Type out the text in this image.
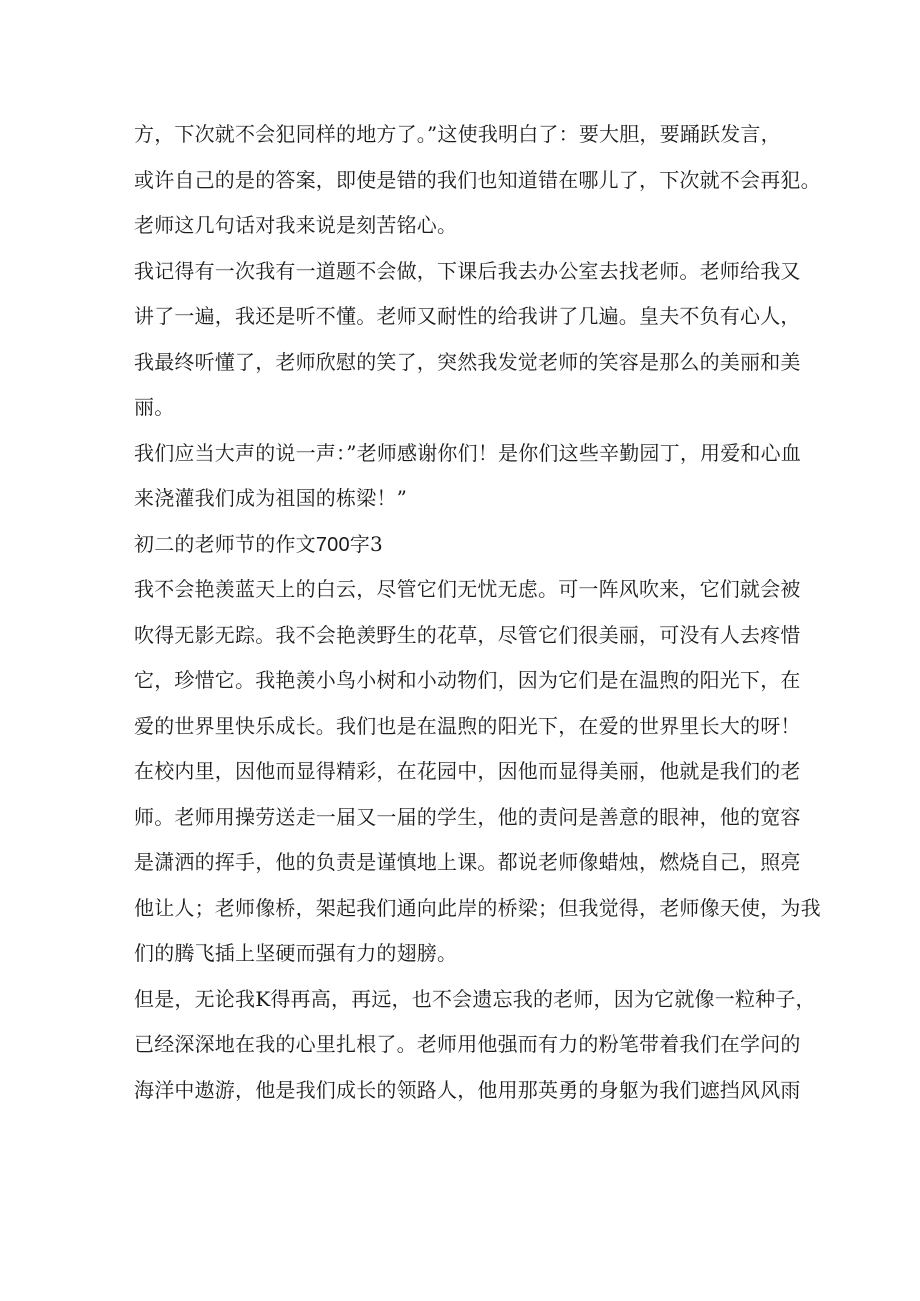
方，下次就不会犯同样的地方了。”这使我明白了：要大胆，要踊跃发言，
或许自己的是的答案，即使是错的我们也知道错在哪儿了，下次就不会再犯。
老师这几句话对我来说是刻苦铭心。
我记得有一次我有一道题不会做，下课后我去办公室去找老师。老师给我又
讲了一遍，我还是听不懂。老师又耐性的给我讲了几遍。皇夫不负有心人，
我最终听懂了，老师欣慰的笑了，突然我发觉老师的笑容是那么的美丽和美
丽。
我们应当大声的说一声：”老师感谢你们！是你们这些辛勤园丁，用爱和心血
来浇灌我们成为祖国的栋梁！”
初二的老师节的作文700字3
我不会艳羡蓝天上的白云，尽管它们无忧无虑。可一阵风吹来，它们就会被
吹得无影无踪。我不会艳羡野生的花草，尽管它们很美丽，可没有人去疼惜
它，珍惜它。我艳羡小鸟小树和小动物们，因为它们是在温煦的阳光下，在
爱的世界里快乐成长。我们也是在温煦的阳光下，在爱的世界里长大的呀！
在校内里，因他而显得精彩，在花园中，因他而显得美丽，他就是我们的老
师。老师用操劳送走一届又一届的学生，他的责问是善意的眼神，他的宽容
是潇洒的挥手，他的负责是谨慎地上课。都说老师像蜡烛，燃烧自己，照亮
他让人；老师像桥，架起我们通向此岸的桥梁；但我觉得，老师像天使，为我
们的腾飞插上坚硬而强有力的翅膀。
但是，无论我K得再高，再远，也不会遗忘我的老师，因为它就像一粒种子，
已经深深地在我的心里扎根了。老师用他强而有力的粉笔带着我们在学问的
海洋中遨游，他是我们成长的领路人，他用那英勇的身躯为我们遮挡风风雨
